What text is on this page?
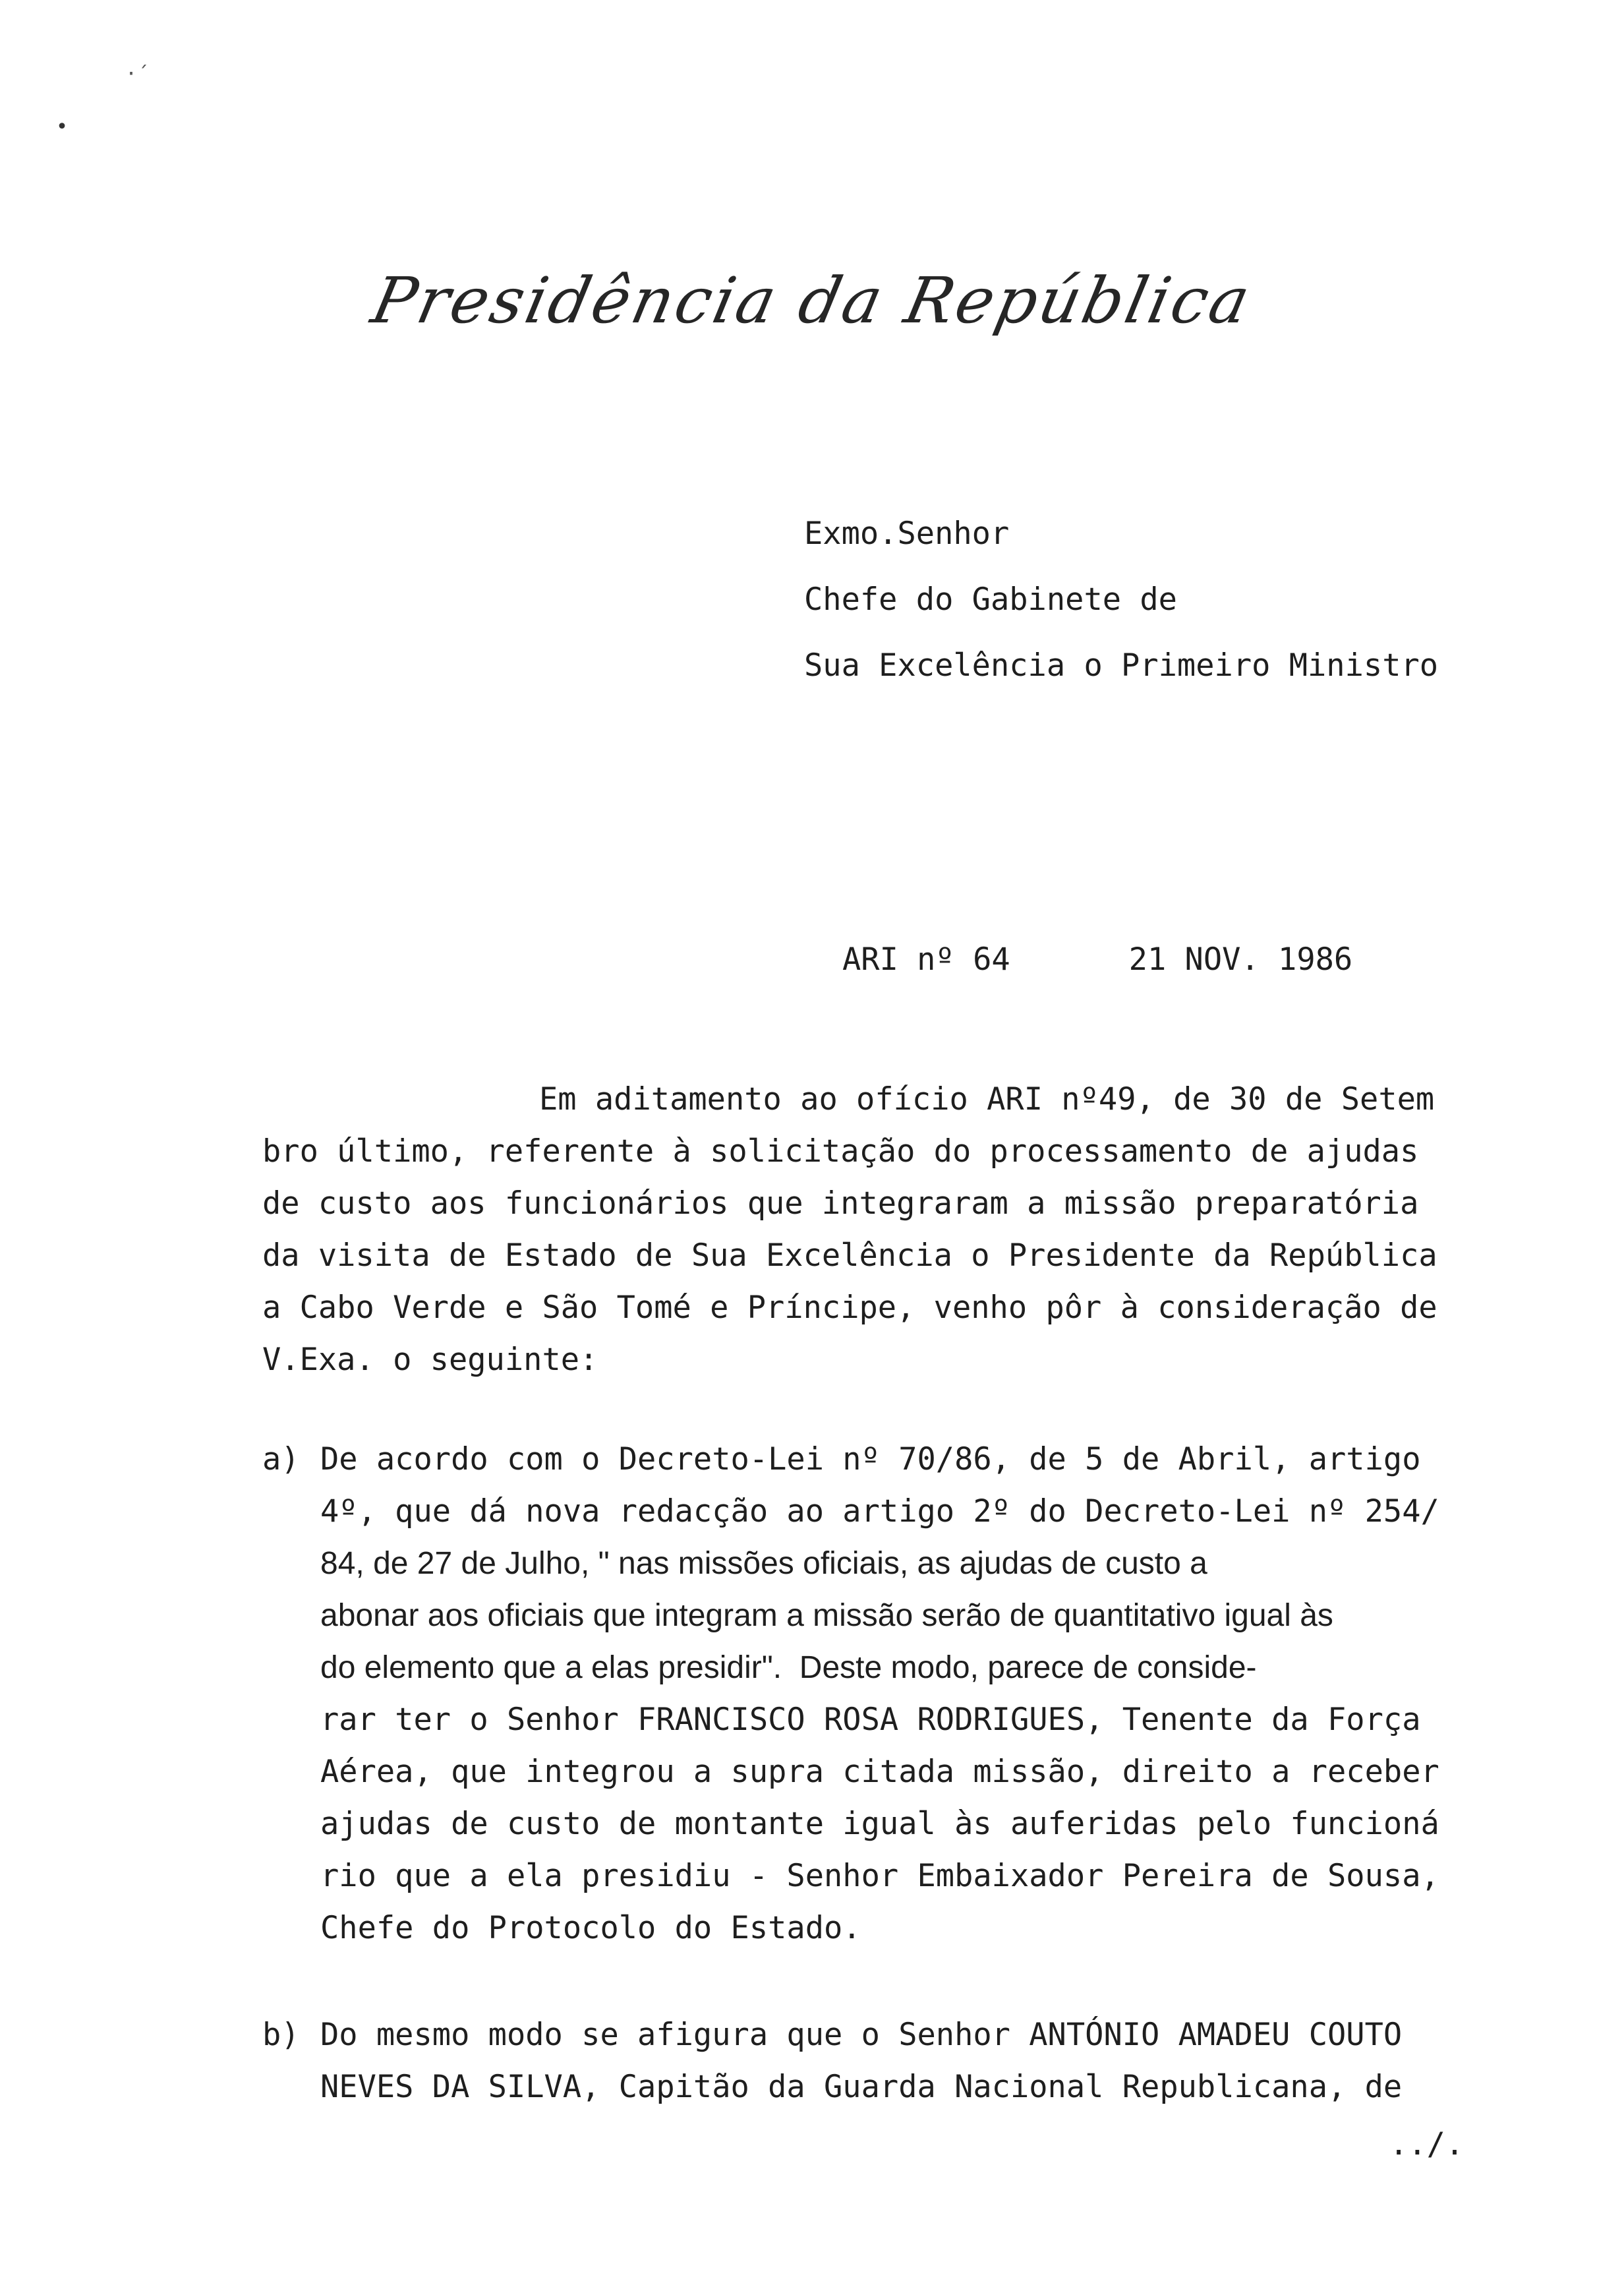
·´
•
Presidência da República
Exmo.Senhor
Chefe do Gabinete de
Sua Excelência o Primeiro Ministro
ARI nº 64	21 NOV. 1986
Em aditamento ao ofício ARI nº49, de 30 de Setem
bro último, referente à solicitação do processamento de ajudas
de custo aos funcionários que integraram a missão preparatória
da visita de Estado de Sua Excelência o Presidente da República
a Cabo Verde e São Tomé e Príncipe, venho pôr à consideração de
V.Exa. o seguinte:
a) De acordo com o Decreto-Lei nº 70/86, de 5 de Abril, artigo
4º, que dá nova redacção ao artigo 2º do Decreto-Lei nº 254/
84, de 27 de Julho, " nas missões oficiais, as ajudas de custo a
abonar aos oficiais que integram a missão serão de quantitativo igual às
do elemento que a elas presidir".  Deste modo, parece de conside-
rar ter o Senhor FRANCISCO ROSA RODRIGUES, Tenente da Força
Aérea, que integrou a supra citada missão, direito a receber
ajudas de custo de montante igual às auferidas pelo funcioná
rio que a ela presidiu - Senhor Embaixador Pereira de Sousa,
Chefe do Protocolo do Estado.
b) Do mesmo modo se afigura que o Senhor ANTÓNIO AMADEU COUTO
NEVES DA SILVA, Capitão da Guarda Nacional Republicana, de
../.
